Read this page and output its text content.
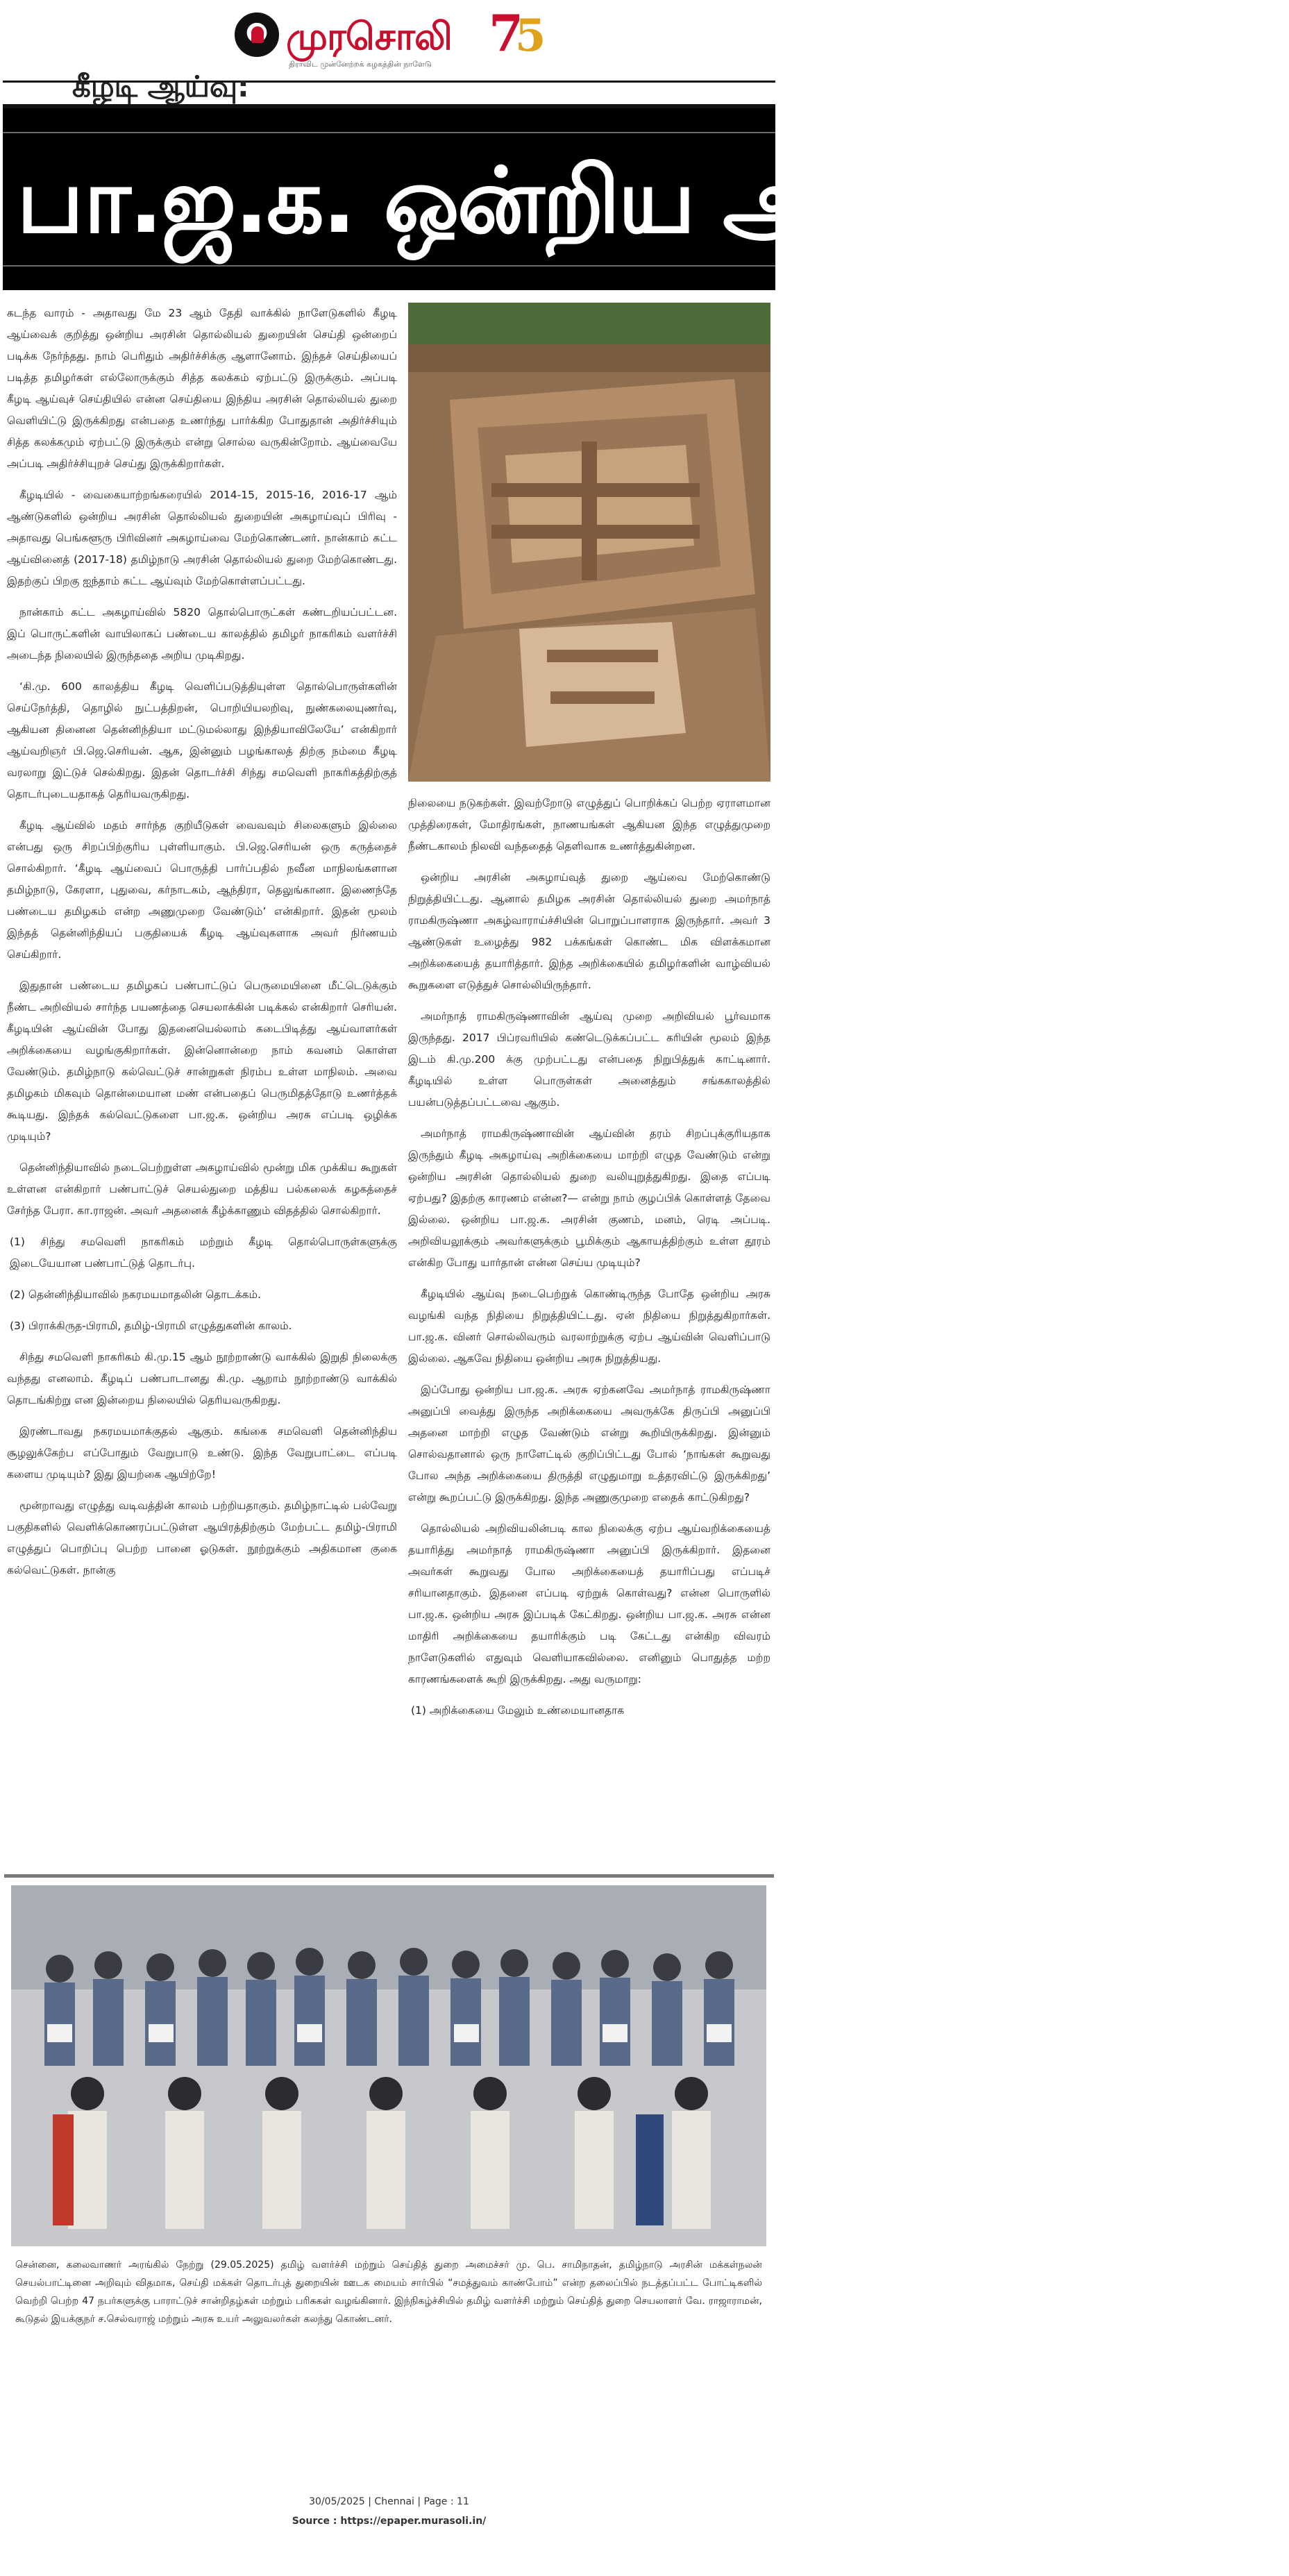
முரசொலி 7
5
திராவிட முன்னேற்றக் கழகத்தின் நாளேடு
கீழடி ஆய்வு:
பா.ஜ.க. ஒன்றிய அரசு திருத்தம்

கடந்த வாரம் - அதாவது மே 23 ஆம் தேதி வாக்கில் நாளேடுகளில் கீழடி ஆய்வைக் குறித்து ஒன்றிய அரசின் தொல்லியல் துறையின் செய்தி ஒன்றைப் படிக்க நேர்ந்தது. நாம் பெரிதும் அதிர்ச்சிக்கு ஆளானோம். இந்தச் செய்தியைப் படித்த தமிழர்கள் எல்லோருக்கும் சித்த கலக்கம் ஏற்பட்டு இருக்கும். அப்படி கீழடி ஆய்வுச் செய்தியில் என்ன செய்தியை இந்திய அரசின் தொல்லியல் துறை வெளியிட்டு இருக்கிறது என்பதை உணர்ந்து பார்க்கிற போதுதான் அதிர்ச்சியும் சித்த கலக்கமும் ஏற்பட்டு இருக்கும் என்று சொல்ல வருகின்றோம். ஆய்வையே அப்படி அதிர்ச்சியுறச் செய்து இருக்கிறார்கள்.

கீழடியில் - வைகையாற்றங்கரையில் 2014-15, 2015-16, 2016-17 ஆம் ஆண்டுகளில் ஒன்றிய அரசின் தொல்லியல் துறையின் அகழாய்வுப் பிரிவு - அதாவது பெங்களூரு பிரிவினர் அகழாய்வை மேற்கொண்டனர். நான்காம் கட்ட ஆய்வினைத் (2017-18) தமிழ்நாடு அரசின் தொல்லியல் துறை மேற்கொண்டது. இதற்குப் பிறகு ஐந்தாம் கட்ட ஆய்வும் மேற்கொள்ளப்பட்டது.

நான்காம் கட்ட அகழாய்வில் 5820 தொல்பொருட்கள் கண்டறியப்பட்டன. இப் பொருட்களின் வாயிலாகப் பண்டைய காலத்தில் தமிழர் நாகரிகம் வளர்ச்சி அடைந்த நிலையில் இருந்ததை அறிய முடிகிறது.

‘கி.மு. 600 காலத்திய கீழடி வெளிப்படுத்தியுள்ள தொல்பொருள்களின் செய்நேர்த்தி, தொழில் நுட்பத்திறன், பொறியியலறிவு, நுண்கலையுணர்வு, ஆகியன தினைன தென்னிந்தியா மட்டுமல்லாது இந்தியாவிலேயே’ என்கிறார் ஆய்வறிஞர் பி.ஜெ.செரியன். ஆக, இன்னும் பழங்காலத் திற்கு நம்மை கீழடி வரலாறு இட்டுச் செல்கிறது. இதன் தொடர்ச்சி சிந்து சமவெளி நாகரிகத்திற்குத் தொடர்புடையதாகத் தெரியவருகிறது.

கீழடி ஆய்வில் மதம் சார்ந்த குறியீடுகள் வைவவும் சிலைகளும் இல்லை என்பது ஒரு சிறப்பிற்குரிய புள்ளியாகும். பி.ஜெ.செரியன் ஒரு கருத்தைச் சொல்கிறார். ‘கீழடி ஆய்வைப் பொருத்தி பார்ப்பதில் நவீன மாநிலங்களான தமிழ்நாடு, கேரளா, புதுவை, கர்நாடகம், ஆந்திரா, தெலுங்கானா. இணைந்தே பண்டைய தமிழகம் என்ற அணுமுறை வேண்டும்’ என்கிறார். இதன் மூலம் இந்தத் தென்னிந்தியப் பகுதியைக் கீழடி ஆய்வுகளாக அவர் நிர்ணயம் செய்கிறார்.

இதுதான் பண்டைய தமிழகப் பண்பாட்டுப் பெருமையினை மீட்டெடுக்கும் நீண்ட அறிவியல் சார்ந்த பயணத்தை செயலாக்கின் படிக்கல் என்கிறார் செரியன். கீழடியின் ஆய்வின் போது இதனையெல்லாம் கடைபிடித்து ஆய்வாளர்கள் அறிக்கையை வழங்குகிறார்கள். இன்னொன்றை நாம் கவனம் கொள்ள வேண்டும். தமிழ்நாடு கல்வெட்டுச் சான்றுகள் நிரம்ப உள்ள மாநிலம். அவை தமிழகம் மிகவும் தொன்மையான மண் என்பதைப் பெருமிதத்தோடு உணர்த்தக் கூடியது. இந்தக் கல்வெட்டுகளை பா.ஜ.க. ஒன்றிய அரசு எப்படி ஒழிக்க முடியும்?

தென்னிந்தியாவில் நடைபெற்றுள்ள அகழாய்வில் மூன்று மிக முக்கிய கூறுகள் உள்ளன என்கிறார் பண்பாட்டுச் செயல்துறை மத்திய பல்கலைக் கழகத்தைச் சேர்ந்த பேரா. கா.ராஜன். அவர் அதனைக் கீழ்க்காணும் விதத்தில் சொல்கிறார்.

(1) சிந்து சமவெளி நாகரிகம் மற்றும் கீழடி தொல்பொருள்களுக்கு இடையேயான பண்பாட்டுத் தொடர்பு.

(2) தென்னிந்தியாவில் நகரமயமாதலின் தொடக்கம்.

(3) பிராக்கிருத-பிராமி, தமிழ்-பிராமி எழுத்துகளின் காலம்.

சிந்து சமவெளி நாகரிகம் கி.மு.15 ஆம் நூற்றாண்டு வாக்கில் இறுதி நிலைக்கு வந்தது எனலாம். கீழடிப் பண்பாடானது கி.மு. ஆறாம் நூற்றாண்டு வாக்கில் தொடங்கிற்று என இன்றைய நிலையில் தெரியவருகிறது.

இரண்டாவது நகரமயமாக்குதல் ஆகும். கங்கை சமவெளி தென்னிந்திய சூழலுக்கேற்ப எப்போதும் வேறுபாடு உண்டு. இந்த வேறுபாட்டை எப்படி களைய முடியும்? இது இயற்கை ஆயிற்றே!

மூன்றாவது எழுத்து வடிவத்தின் காலம் பற்றியதாகும். தமிழ்நாட்டில் பல்வேறு பகுதிகளில் வெளிக்கொணரப்பட்டுள்ள ஆயிரத்திற்கும் மேற்பட்ட தமிழ்-பிராமி எழுத்துப் பொறிப்பு பெற்ற பானை ஓடுகள். நூற்றுக்கும் அதிகமான குகை கல்வெட்டுகள். நான்கு

நிலையை நடுகற்கள். இவற்றோடு எழுத்துப் பொறிக்கப் பெற்ற ஏராளமான முத்திரைகள், மோதிரங்கள், நாணயங்கள் ஆகியன இந்த எழுத்துமுறை நீண்டகாலம் நிலவி வந்ததைத் தெளிவாக உணர்த்துகின்றன.

ஒன்றிய அரசின் அகழாய்வுத் துறை ஆய்வை மேற்கொண்டு நிறுத்தியிட்டது. ஆனால் தமிழக அரசின் தொல்லியல் துறை அமர்நாத் ராமகிருஷ்ணா அகழ்வாராய்ச்சியின் பொறுப்பாளராக இருந்தார். அவர் 3 ஆண்டுகள் உழைத்து 982 பக்கங்கள் கொண்ட மிக விளக்கமான அறிக்கையைத் தயாரித்தார். இந்த அறிக்கையில் தமிழர்களின் வாழ்வியல் கூறுகளை எடுத்துச் சொல்லியிருந்தார்.

அமர்நாத் ராமகிருஷ்ணாவின் ஆய்வு முறை அறிவியல் பூர்வமாக இருந்தது. 2017 பிப்ரவரியில் கண்டெடுக்கப்பட்ட கரியின் மூலம் இந்த இடம் கி.மு.200 க்கு முற்பட்டது என்பதை நிறுபித்துக் காட்டினார். கீழடியில் உள்ள பொருள்கள் அனைத்தும் சங்ககாலத்தில் பயன்படுத்தப்பட்டவை ஆகும்.

அமர்நாத் ராமகிருஷ்ணாவின் ஆய்வின் தரம் சிறப்புக்குரியதாக இருந்தும் கீழடி அகழாய்வு அறிக்கையை மாற்றி எழுத வேண்டும் என்று ஒன்றிய அரசின் தொல்லியல் துறை வலியுறுத்துகிறது. இதை எப்படி ஏற்பது? இதற்கு காரணம் என்ன?— என்று நாம் குழப்பிக் கொள்ளத் தேவை இல்லை. ஒன்றிய பா.ஜ.க. அரசின் குணம், மனம், ரெடி அப்படி. அறிவியலூக்கும் அவர்களுக்கும் பூமிக்கும் ஆகாயத்திற்கும் உள்ள தூரம் என்கிற போது யார்தான் என்ன செய்ய முடியும்?

கீழடியில் ஆய்வு நடைபெற்றுக் கொண்டிருந்த போதே ஒன்றிய அரசு வழங்கி வந்த நிதியை நிறுத்தியிட்டது. ஏன் நிதியை நிறுத்துகிறார்கள். பா.ஜ.க. வினர் சொல்லிவரும் வரலாற்றுக்கு ஏற்ப ஆய்வின் வெளிப்பாடு இல்லை. ஆகவே நிதியை ஒன்றிய அரசு நிறுத்தியது.

இப்போது ஒன்றிய பா.ஜ.க. அரசு ஏற்கனவே அமர்நாத் ராமகிருஷ்ணா அனுப்பி வைத்து இருந்த அறிக்கையை அவருக்கே திருப்பி அனுப்பி அதனை மாற்றி எழுத வேண்டும் என்று கூறியிருக்கிறது. இன்னும் சொல்வதானால் ஒரு நாளேட்டில் குறிப்பிட்டது போல் ‘நாங்கள் கூறுவது போல அந்த அறிக்கையை திருத்தி எழுதுமாறு உத்தரவிட்டு இருக்கிறது’ என்று கூறப்பட்டு இருக்கிறது. இந்த அணுகுமுறை எதைக் காட்டுகிறது?

தொல்லியல் அறிவியலின்படி கால நிலைக்கு ஏற்ப ஆய்வறிக்கையைத் தயாரித்து அமர்நாத் ராமகிருஷ்ணா அனுப்பி இருக்கிறார். இதனை அவர்கள் கூறுவது போல அறிக்கையைத் தயாரிப்பது எப்படிச் சரியானதாகும். இதனை எப்படி ஏற்றுக் கொள்வது? என்ன பொருளில் பா.ஜ.க. ஒன்றிய அரசு இப்படிக் கேட்கிறது. ஒன்றிய பா.ஜ.க. அரசு என்ன மாதிரி அறிக்கையை தயாரிக்கும் படி கேட்டது என்கிற விவரம் நாளேடுகளில் எதுவும் வெளியாகவில்லை. எனினும் பொதுத்த மற்ற காரணங்களைக் கூறி இருக்கிறது. அது வருமாறு:

(1) அறிக்கையை மேலும் உண்மையானதாக

சென்னை, கலைவாணர் அரங்கில் நேற்று (29.05.2025) தமிழ் வளர்ச்சி மற்றும் செய்தித் துறை அமைச்சர் மு. பெ. சாமிநாதன், தமிழ்நாடு அரசின் மக்கள்நலன் செயல்பாட்டினை அறிவும் விதமாக, செய்தி மக்கள் தொடர்புத் துறையின் ஊடக மையம் சார்பில் “சமத்துவம் காண்போம்” என்ற தலைப்பில் நடத்தப்பட்ட போட்டிகளில் வெற்றி பெற்ற 47 நபர்களுக்கு பாராட்டுச் சான்றிதழ்கள் மற்றும் பரிசுகள் வழங்கினார். இந்நிகழ்ச்சியில் தமிழ் வளர்ச்சி மற்றும் செய்தித் துறை செயலாளர் வே. ராஜாராமன், கூடுதல் இயக்குநர் ச.செல்வராஜ் மற்றும் அரசு உயர் அலுவலர்கள் கலந்து கொண்டனர்.
30/05/2025 | Chennai | Page : 11
Source : https://epaper.murasoli.in/
